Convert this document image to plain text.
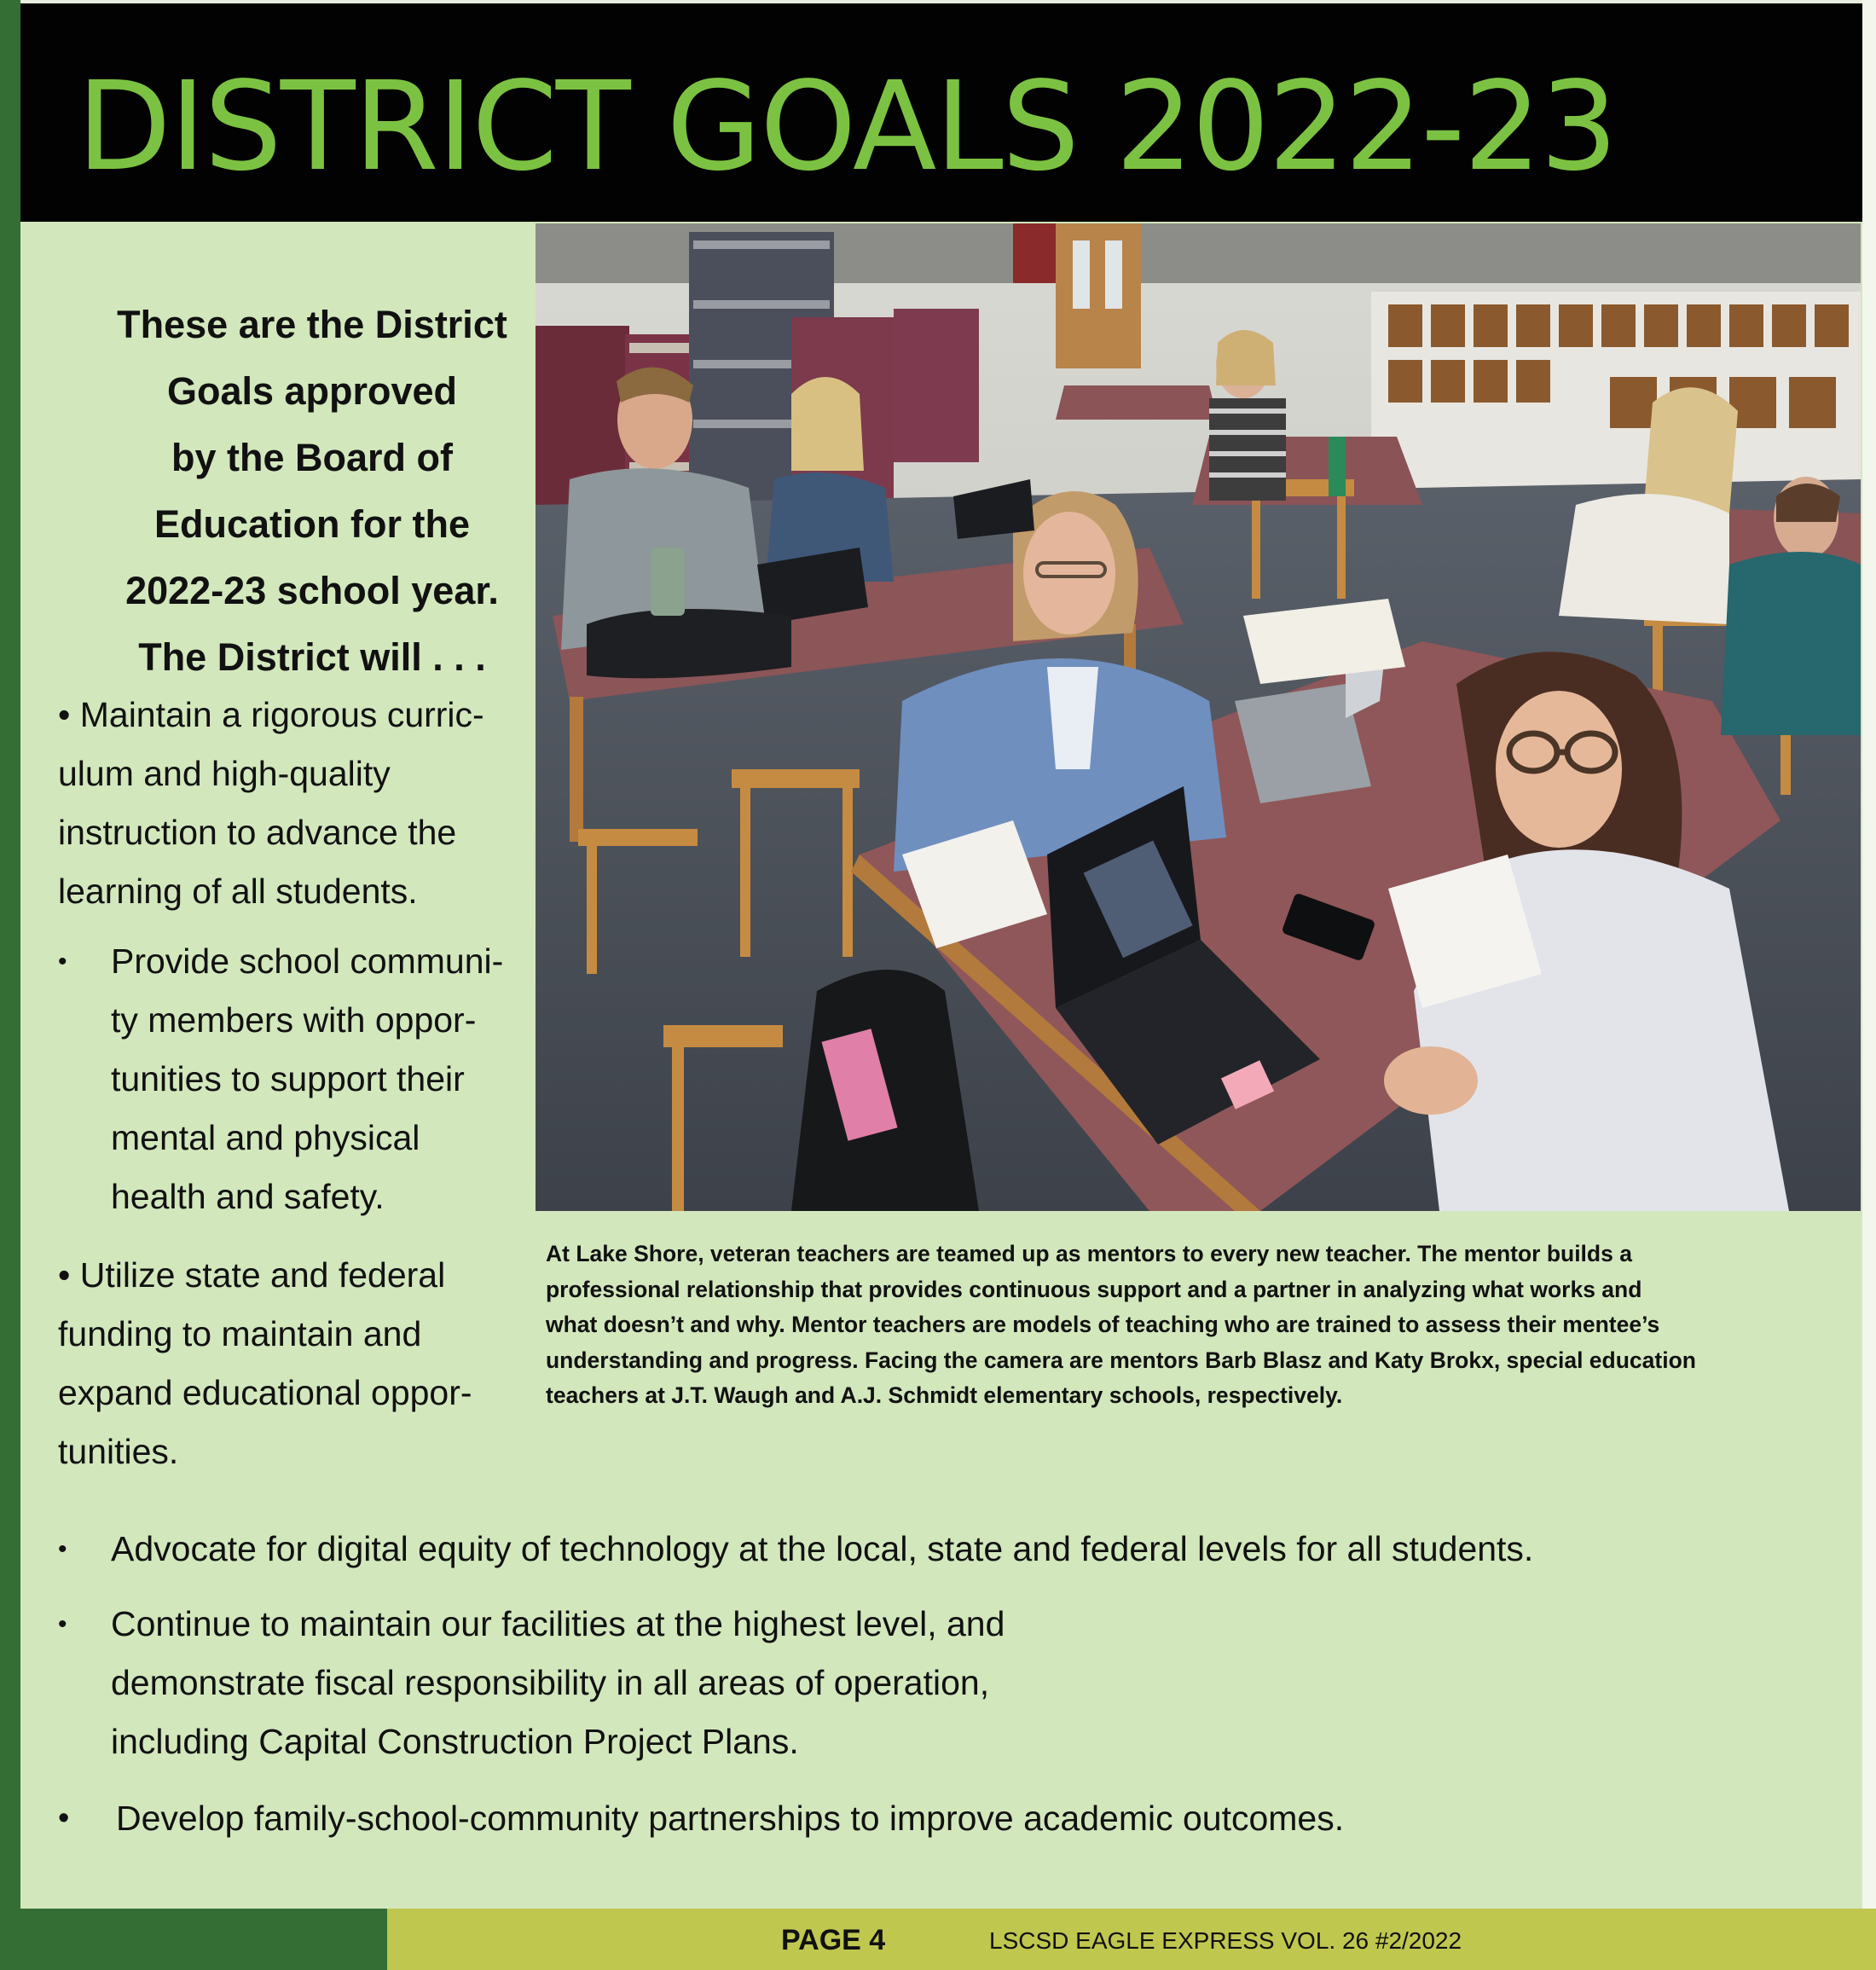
DISTRICT GOALS 2022-23
These are the District
Goals approved
by the Board of
Education for the
2022-23 school year.
The District will . . .
• Maintain a rigorous curric-
ulum and high-quality
instruction to advance the
learning of all students.
• Provide school communi-
ty members with oppor-
tunities to support their
mental and physical
health and safety.
• Utilize state and federal
funding to maintain and
expand educational oppor-
tunities.
• Advocate for digital equity of technology at the local, state and federal levels for all students.
• Continue to maintain our facilities at the highest level, and
demonstrate fiscal responsibility in all areas of operation,
including Capital Construction Project Plans.
• Develop family-school-community partnerships to improve academic outcomes.
At Lake Shore, veteran teachers are teamed up as mentors to every new teacher. The mentor builds a
professional relationship that provides continuous support and a partner in analyzing what works and
what doesn’t and why. Mentor teachers are models of teaching who are trained to assess their mentee’s
understanding and progress. Facing the camera are mentors Barb Blasz and Katy Brokx, special education
teachers at J.T. Waugh and A.J. Schmidt elementary schools, respectively.
PAGE 4	LSCSD EAGLE EXPRESS VOL. 26 #2/2022
